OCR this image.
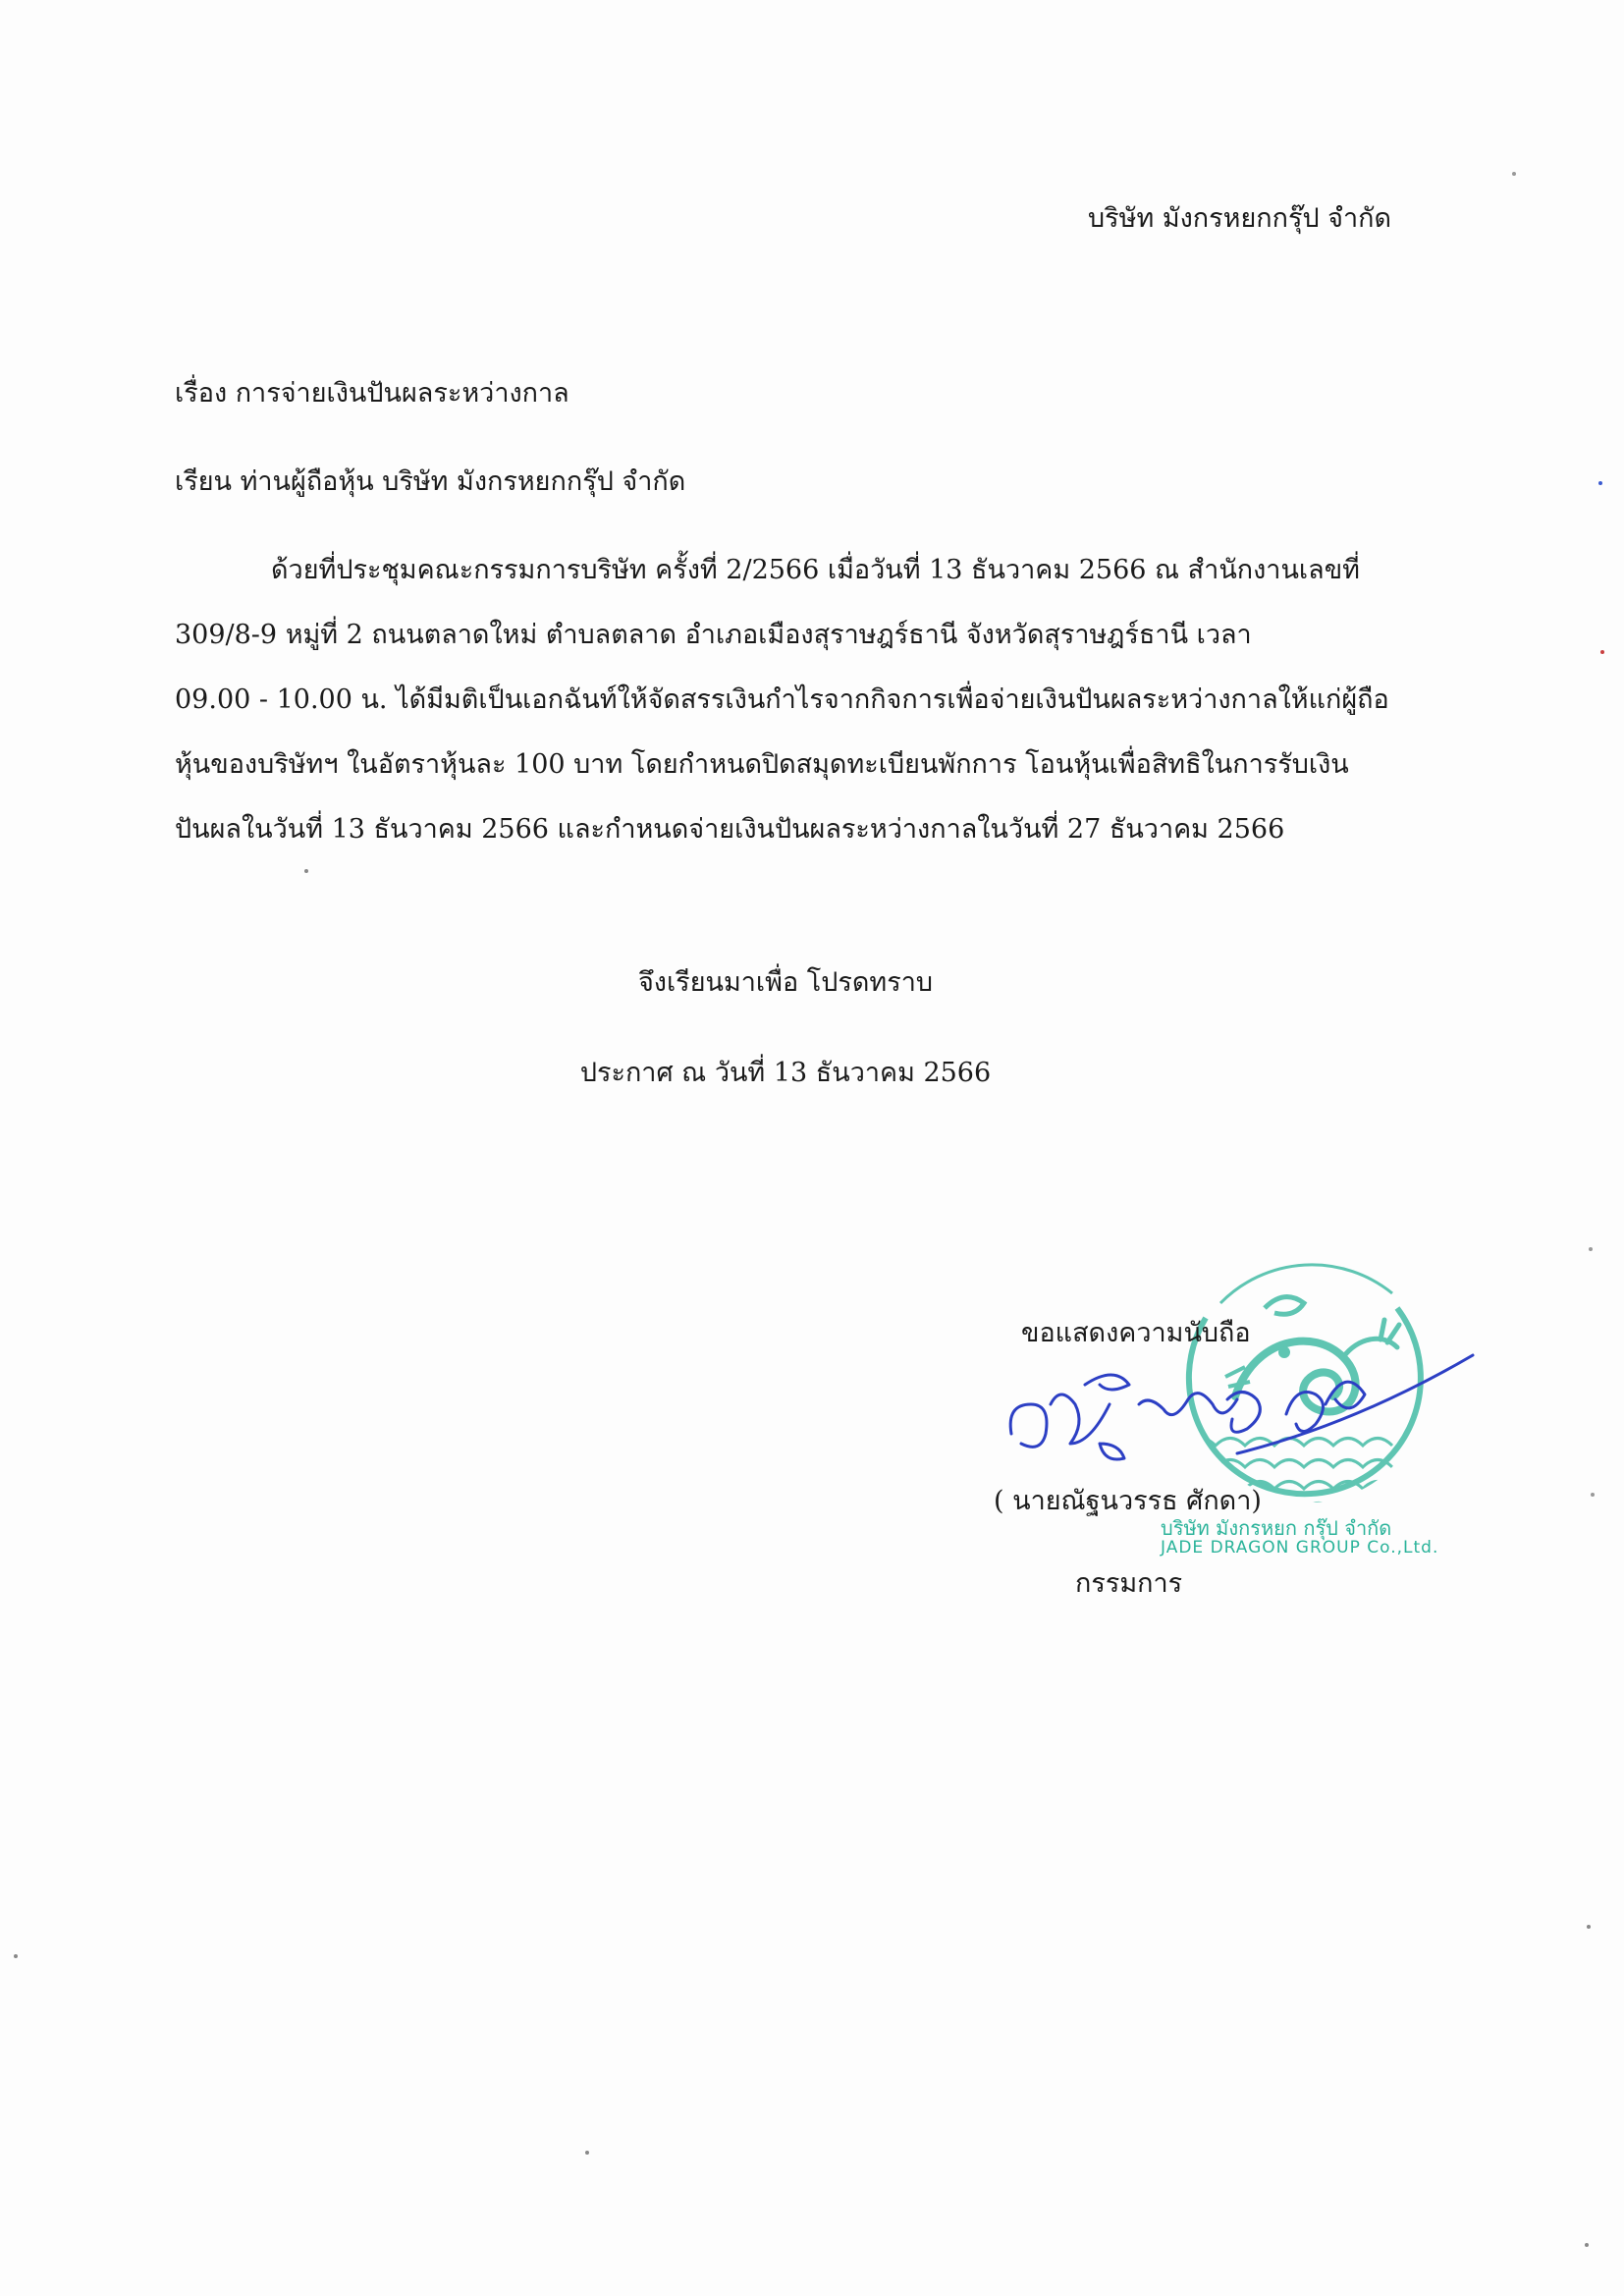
บริษัท มังกรหยกกรุ๊ป จำกัด
เรื่อง การจ่ายเงินปันผลระหว่างกาล
เรียน ท่านผู้ถือหุ้น บริษัท มังกรหยกกรุ๊ป จำกัด
ด้วยที่ประชุมคณะกรรมการบริษัท ครั้งที่ 2/2566 เมื่อวันที่ 13 ธันวาคม 2566 ณ สำนักงานเลขที่
309/8-9 หมู่ที่ 2 ถนนตลาดใหม่ ตำบลตลาด อำเภอเมืองสุราษฎร์ธานี จังหวัดสุราษฎร์ธานี เวลา
09.00 - 10.00 น. ได้มีมติเป็นเอกฉันท์ให้จัดสรรเงินกำไรจากกิจการเพื่อจ่ายเงินปันผลระหว่างกาลให้แก่ผู้ถือ
หุ้นของบริษัทฯ ในอัตราหุ้นละ 100 บาท โดยกำหนดปิดสมุดทะเบียนพักการ โอนหุ้นเพื่อสิทธิในการรับเงิน
ปันผลในวันที่ 13 ธันวาคม 2566 และกำหนดจ่ายเงินปันผลระหว่างกาลในวันที่ 27 ธันวาคม 2566
จึงเรียนมาเพื่อ โปรดทราบ
ประกาศ ณ วันที่ 13 ธันวาคม 2566
ขอแสดงความนับถือ
( นายณัฐนวรรธ ศักดา)
บริษัท มังกรหยก กรุ๊ป จำกัด
JADE DRAGON GROUP Co.,Ltd.
กรรมการ
